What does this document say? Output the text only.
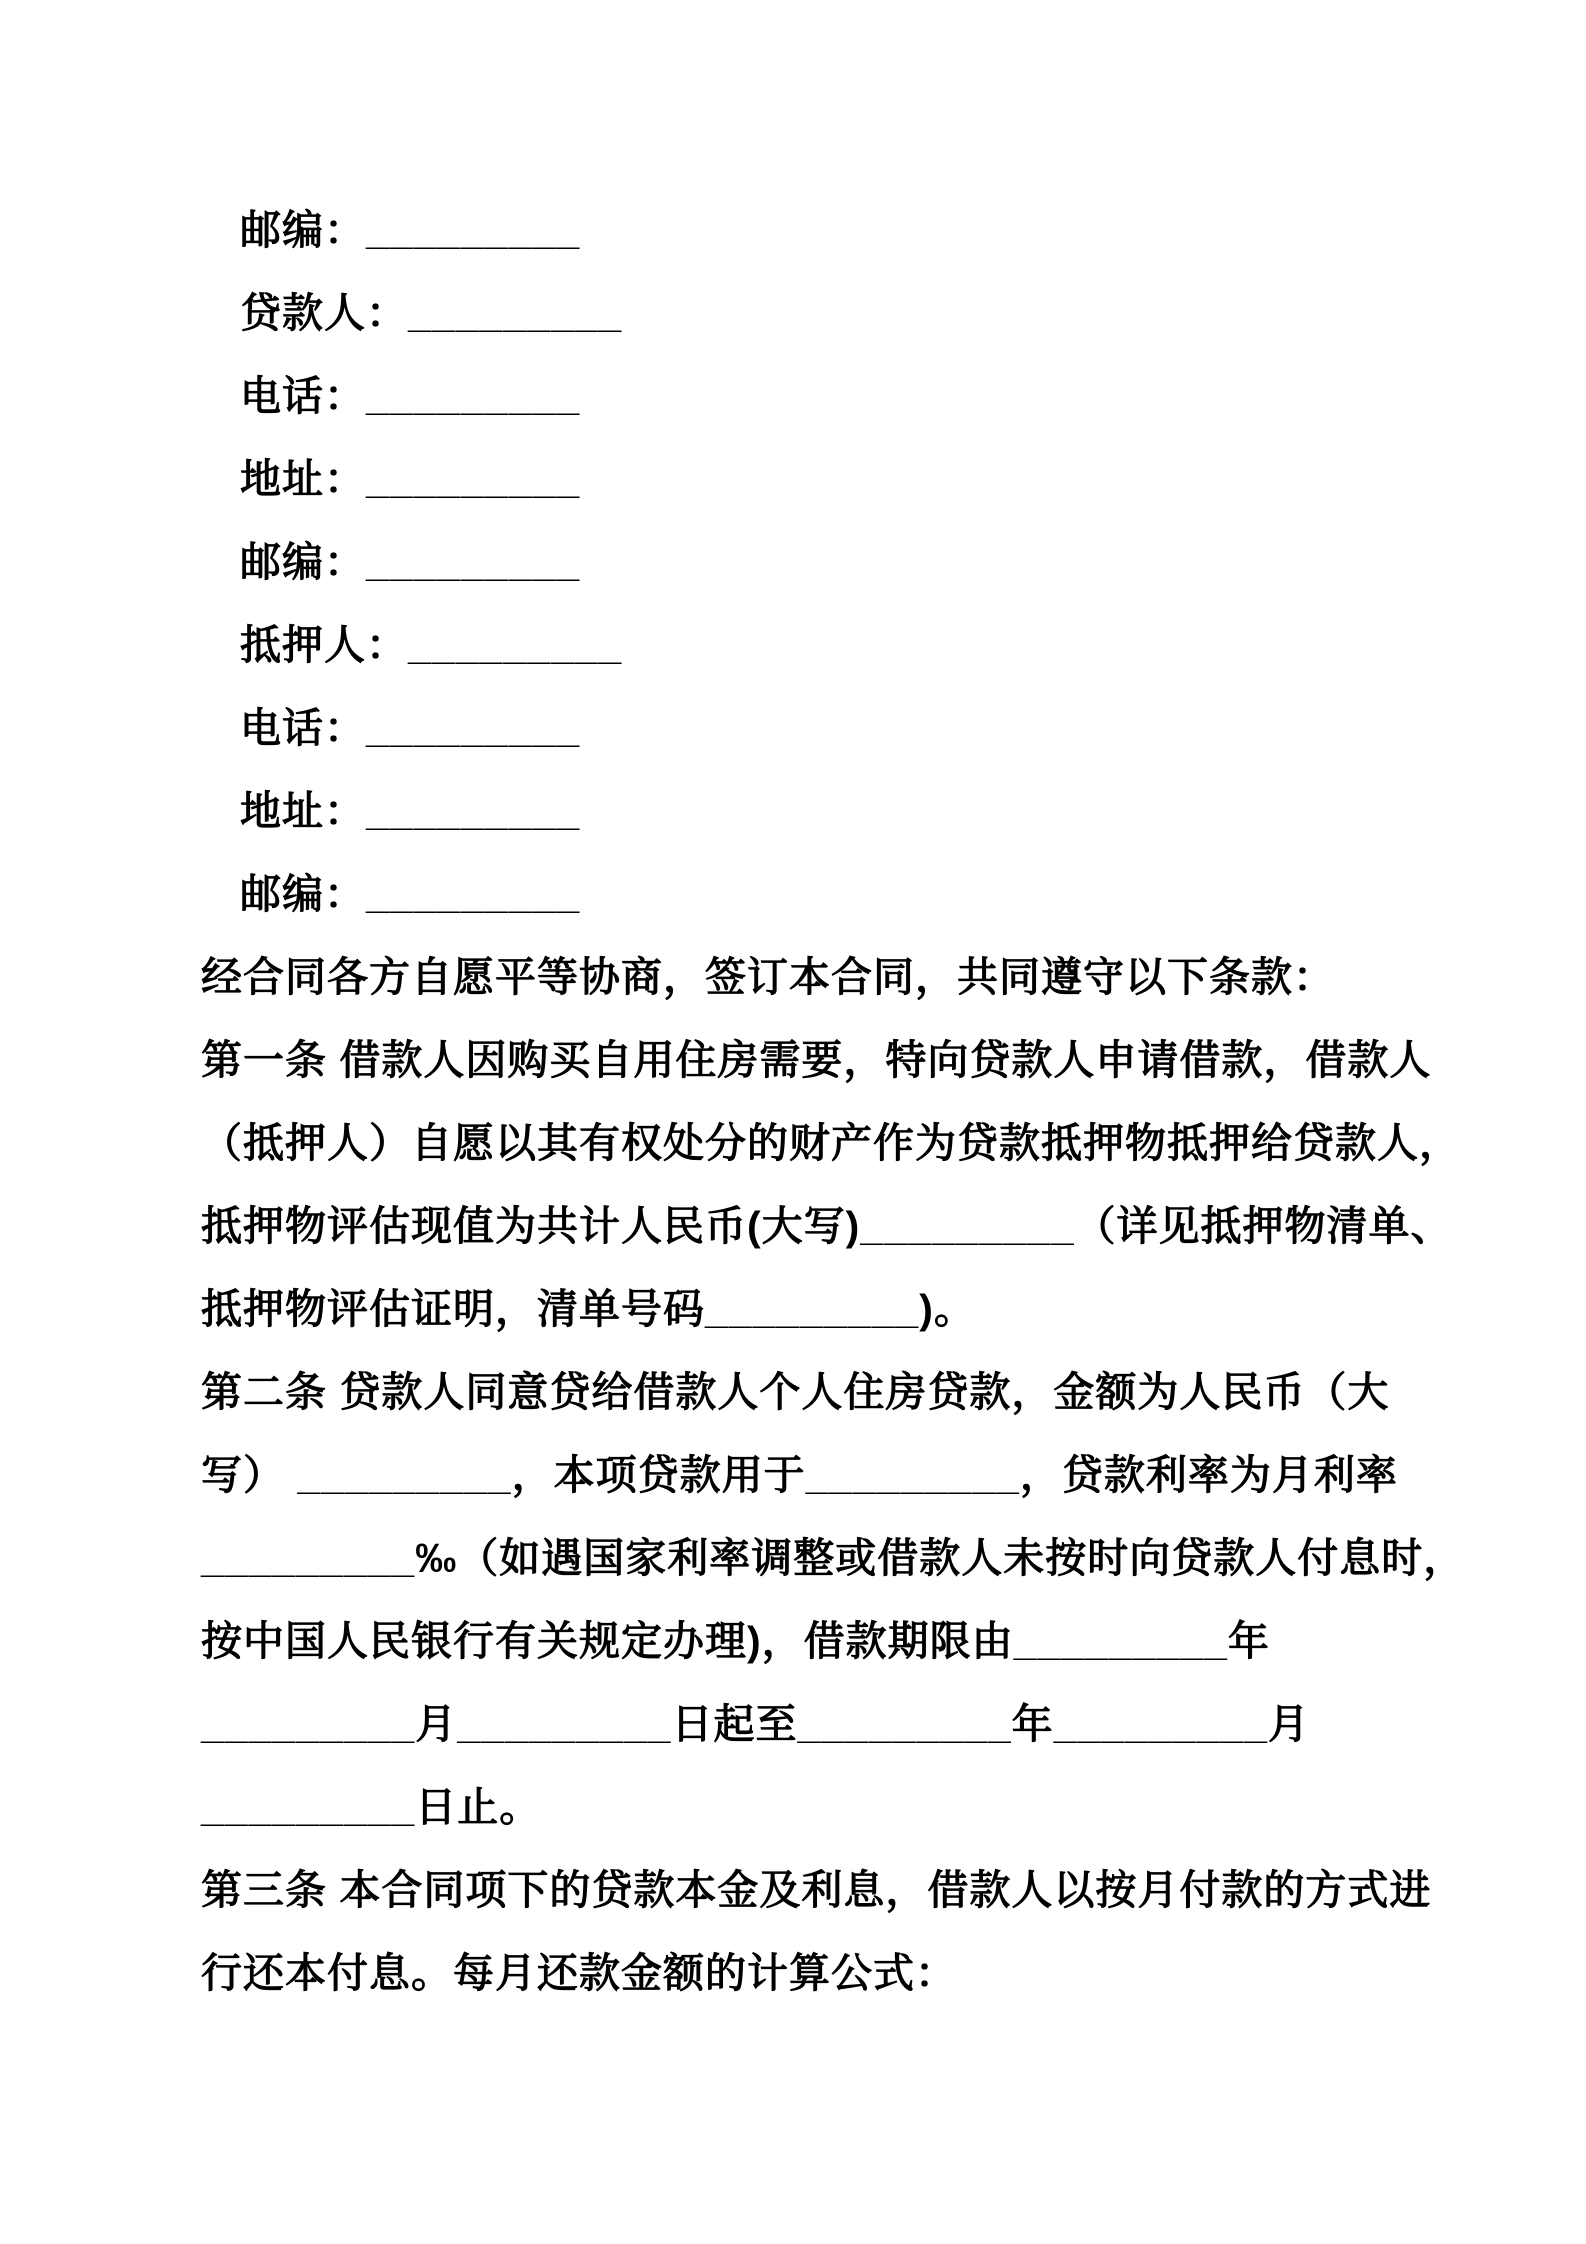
邮编：_________
贷款人：_________
电话：_________
地址：_________
邮编：_________
抵押人：_________
电话：_________
地址：_________
邮编：_________
经合同各方自愿平等协商，签订本合同，共同遵守以下条款：
第一条 借款人因购买自用住房需要，特向贷款人申请借款，借款人
（抵押人）自愿以其有权处分的财产作为贷款抵押物抵押给贷款人，
抵押物评估现值为共计人民币(大写)_________（详见抵押物清单、
抵押物评估证明，清单号码_________)。
第二条 贷款人同意贷给借款人个人住房贷款，金额为人民币（大
写） _________，本项贷款用于_________，贷款利率为月利率
_________‰（如遇国家利率调整或借款人未按时向贷款人付息时，
按中国人民银行有关规定办理)，借款期限由_________年
_________月_________日起至_________年_________月
_________日止。
第三条 本合同项下的贷款本金及利息，借款人以按月付款的方式进
行还本付息。每月还款金额的计算公式：
